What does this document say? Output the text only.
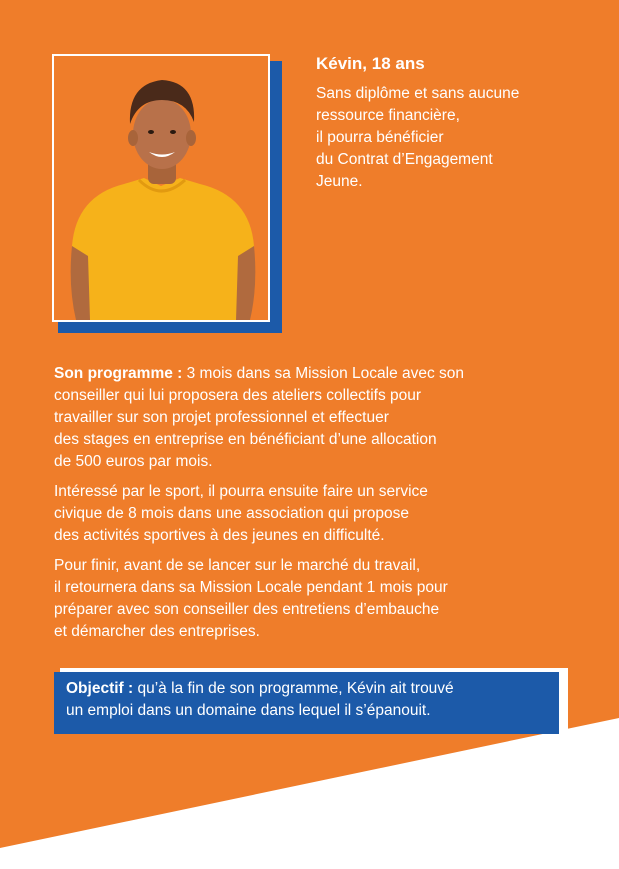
Kévin, 18 ans

Sans diplôme et sans aucune
ressource financière,
il pourra bénéficier
du Contrat d’Engagement
Jeune.

Son programme : 3 mois dans sa Mission Locale avec son
conseiller qui lui proposera des ateliers collectifs pour
travailler sur son projet professionnel et effectuer
des stages en entreprise en bénéficiant d’une allocation
de 500 euros par mois.

Intéressé par le sport, il pourra ensuite faire un service
civique de 8 mois dans une association qui propose
des activités sportives à des jeunes en difficulté.

Pour finir, avant de se lancer sur le marché du travail,
il retournera dans sa Mission Locale pendant 1 mois pour
préparer avec son conseiller des entretiens d’embauche
et démarcher des entreprises.

Objectif : qu’à la fin de son programme, Kévin ait trouvé
un emploi dans un domaine dans lequel il s’épanouit.
